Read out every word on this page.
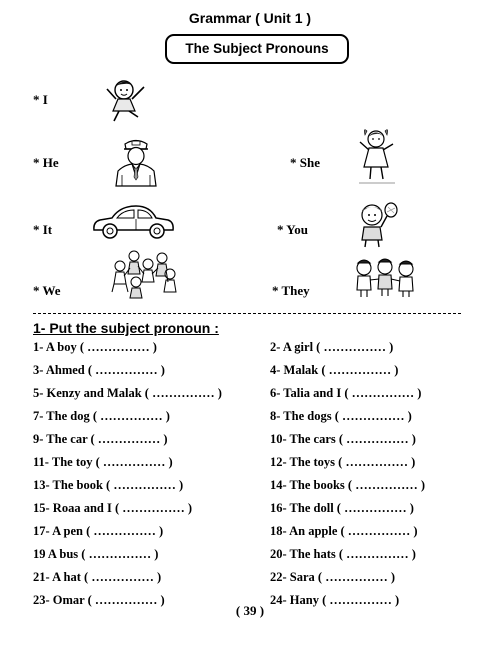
Grammar ( Unit 1 )
The Subject Pronouns
* I
* He	* She
* It	* You
* We	* They
1- Put the subject pronoun :
1- A boy ( …………… )
3- Ahmed ( …………… )
5- Kenzy and Malak ( …………… )
7- The dog ( …………… )
9- The car ( …………… )
11- The toy ( …………… )
13- The book ( …………… )
15- Roaa and I ( …………… )
17- A pen ( …………… )
19 A bus ( …………… )
21- A hat ( …………… )
23- Omar ( …………… )
2- A girl ( …………… )
4- Malak ( …………… )
6- Talia and I ( …………… )
8- The dogs ( …………… )
10- The cars ( …………… )
12- The toys ( …………… )
14- The books ( …………… )
16- The doll ( …………… )
18- An apple ( …………… )
20- The hats ( …………… )
22- Sara ( …………… )
24- Hany ( …………… )
( 39 )
